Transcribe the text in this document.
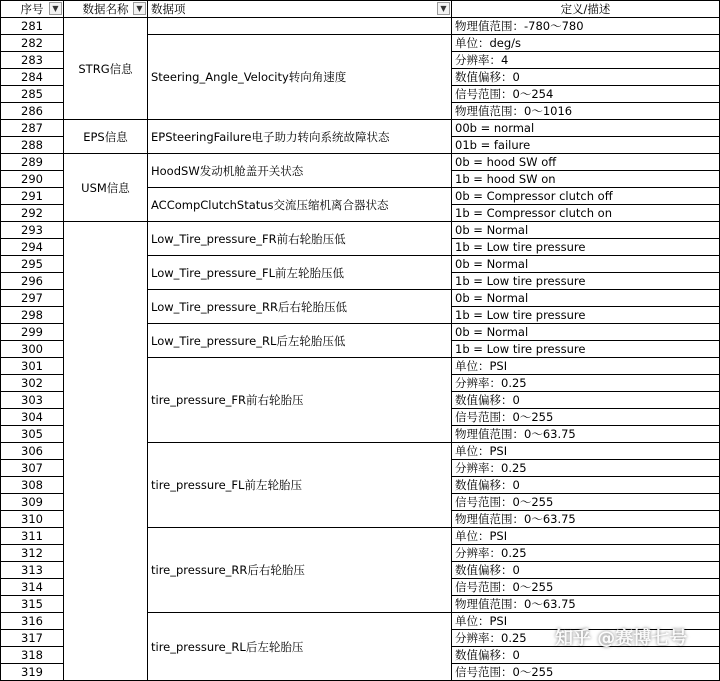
序号 ▼	数据名称 ▼	数据项 ▼	定义/描述
281	STRG信息		物理值范围：-780～780
282		Steering_Angle_Velocity转向角速度	单位：deg/s
283			分辨率：4
284			数值偏移：0
285			信号范围：0～254
286			物理值范围：0～1016
287	EPS信息	EPSteeringFailure电子助力转向系统故障状态	00b = normal
288			01b = failure
289	USM信息	HoodSW发动机舱盖开关状态	0b = hood SW off
290			1b = hood SW on
291		ACCompClutchStatus交流压缩机离合器状态	0b = Compressor clutch off
292			1b = Compressor clutch on
293		Low_Tire_pressure_FR前右轮胎压低	0b = Normal
294			1b = Low tire pressure
295		Low_Tire_pressure_FL前左轮胎压低	0b = Normal
296			1b = Low tire pressure
297		Low_Tire_pressure_RR后右轮胎压低	0b = Normal
298			1b = Low tire pressure
299		Low_Tire_pressure_RL后左轮胎压低	0b = Normal
300			1b = Low tire pressure
301		tire_pressure_FR前右轮胎压	单位：PSI
302			分辨率：0.25
303			数值偏移：0
304			信号范围：0～255
305			物理值范围：0～63.75
306		tire_pressure_FL前左轮胎压	单位：PSI
307			分辨率：0.25
308			数值偏移：0
309			信号范围：0～255
310			物理值范围：0～63.75
311		tire_pressure_RR后右轮胎压	单位：PSI
312			分辨率：0.25
313			数值偏移：0
314			信号范围：0～255
315			物理值范围：0～63.75
316		tire_pressure_RL后左轮胎压	单位：PSI
317			分辨率：0.25
318			数值偏移：0
319			信号范围：0～255
知乎 @赛博七号
